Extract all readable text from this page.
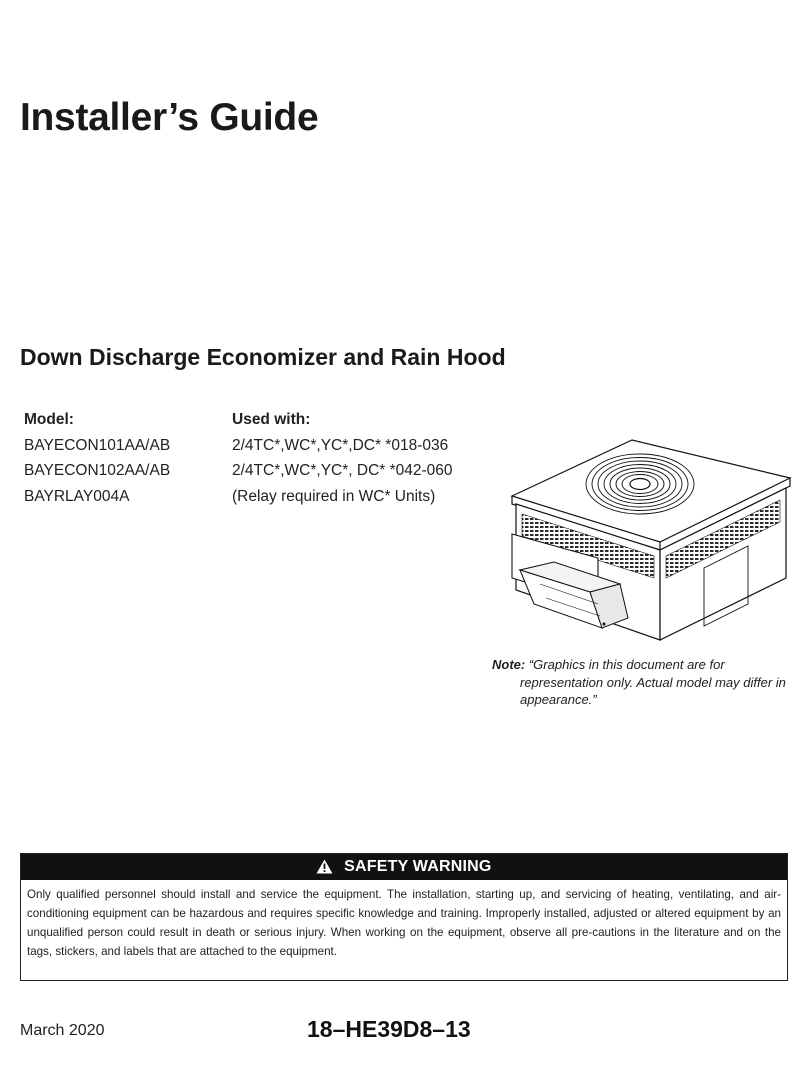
Installer’s Guide
Down Discharge Economizer and Rain Hood
Model:	Used with:
BAYECON101AA/AB	2/4TC*,WC*,YC*,DC* *018-036
BAYECON102AA/AB	2/4TC*,WC*,YC*, DC* *042-060
BAYRLAY004A	(Relay required in WC* Units)
Note: “Graphics in this document are for
representation only. Actual model may differ in appearance.”
SAFETY WARNING
Only qualified personnel should install and service the equipment. The installation, starting up, and servicing of heating, ventilating, and air-conditioning equipment can be hazardous and requires specific knowledge and training. Improperly installed, adjusted or altered equipment by an unqualified person could result in death or serious injury. When working on the equipment, observe all pre-cautions in the literature and on the tags, stickers, and labels that are attached to the equipment.
March 2020	18–HE39D8–13
